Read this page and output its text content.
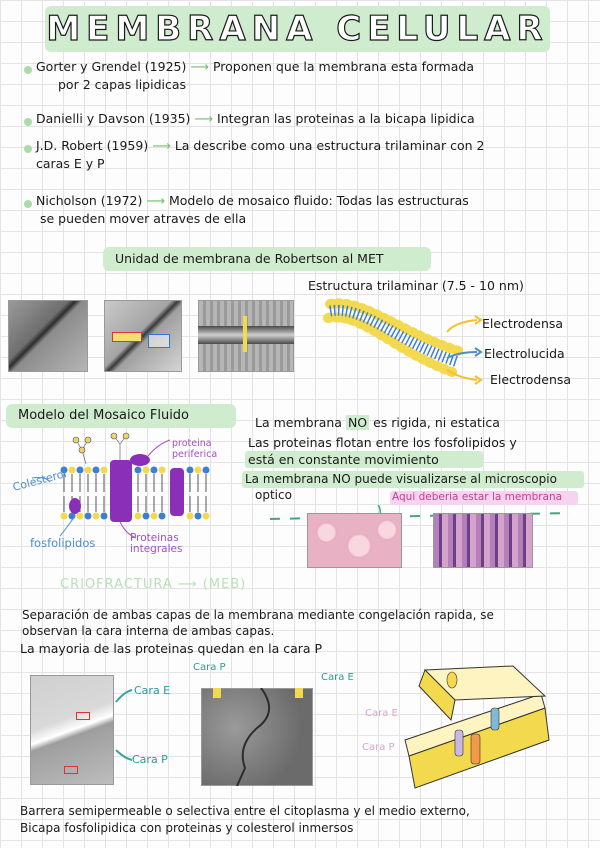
MEMBRANA CELULAR
Gorter y Grendel (1925) ⟶ Proponen que la membrana esta formada
por 2 capas lipidicas
Danielli y Davson (1935) ⟶ Integran las proteinas a la bicapa lipidica
J.D. Robert (1959) ⟶ La describe como una estructura trilaminar con 2
caras E y P
Nicholson (1972) ⟶ Modelo de mosaico fluido: Todas las estructuras
se pueden mover atraves de ella
Unidad de membrana de Robertson al MET
Estructura trilaminar (7.5 - 10 nm)
Electrodensa
Electrolucida
Electrodensa
Modelo del Mosaico Fluido	La membrana NO es rigida, ni estatica
Las proteinas flotan entre los fosfolipidos y
está en constante movimiento
La membrana NO puede visualizarse al microscopio
optico	Aqui deberia estar la membrana
Colesterol
proteina periferica
fosfolipidos	Proteinas integrales
CRIOFRACTURA ⟶ (MEB)
Separación de ambas capas de la membrana mediante congelación rapida, se
observan la cara interna de ambas capas.
La mayoria de las proteinas quedan en la cara P
Cara E
Cara P
Cara P
Cara E
Cara E
Cara P
Barrera semipermeable o selectiva entre el citoplasma y el medio externo,
Bicapa fosfolipidica con proteinas y colesterol inmersos
